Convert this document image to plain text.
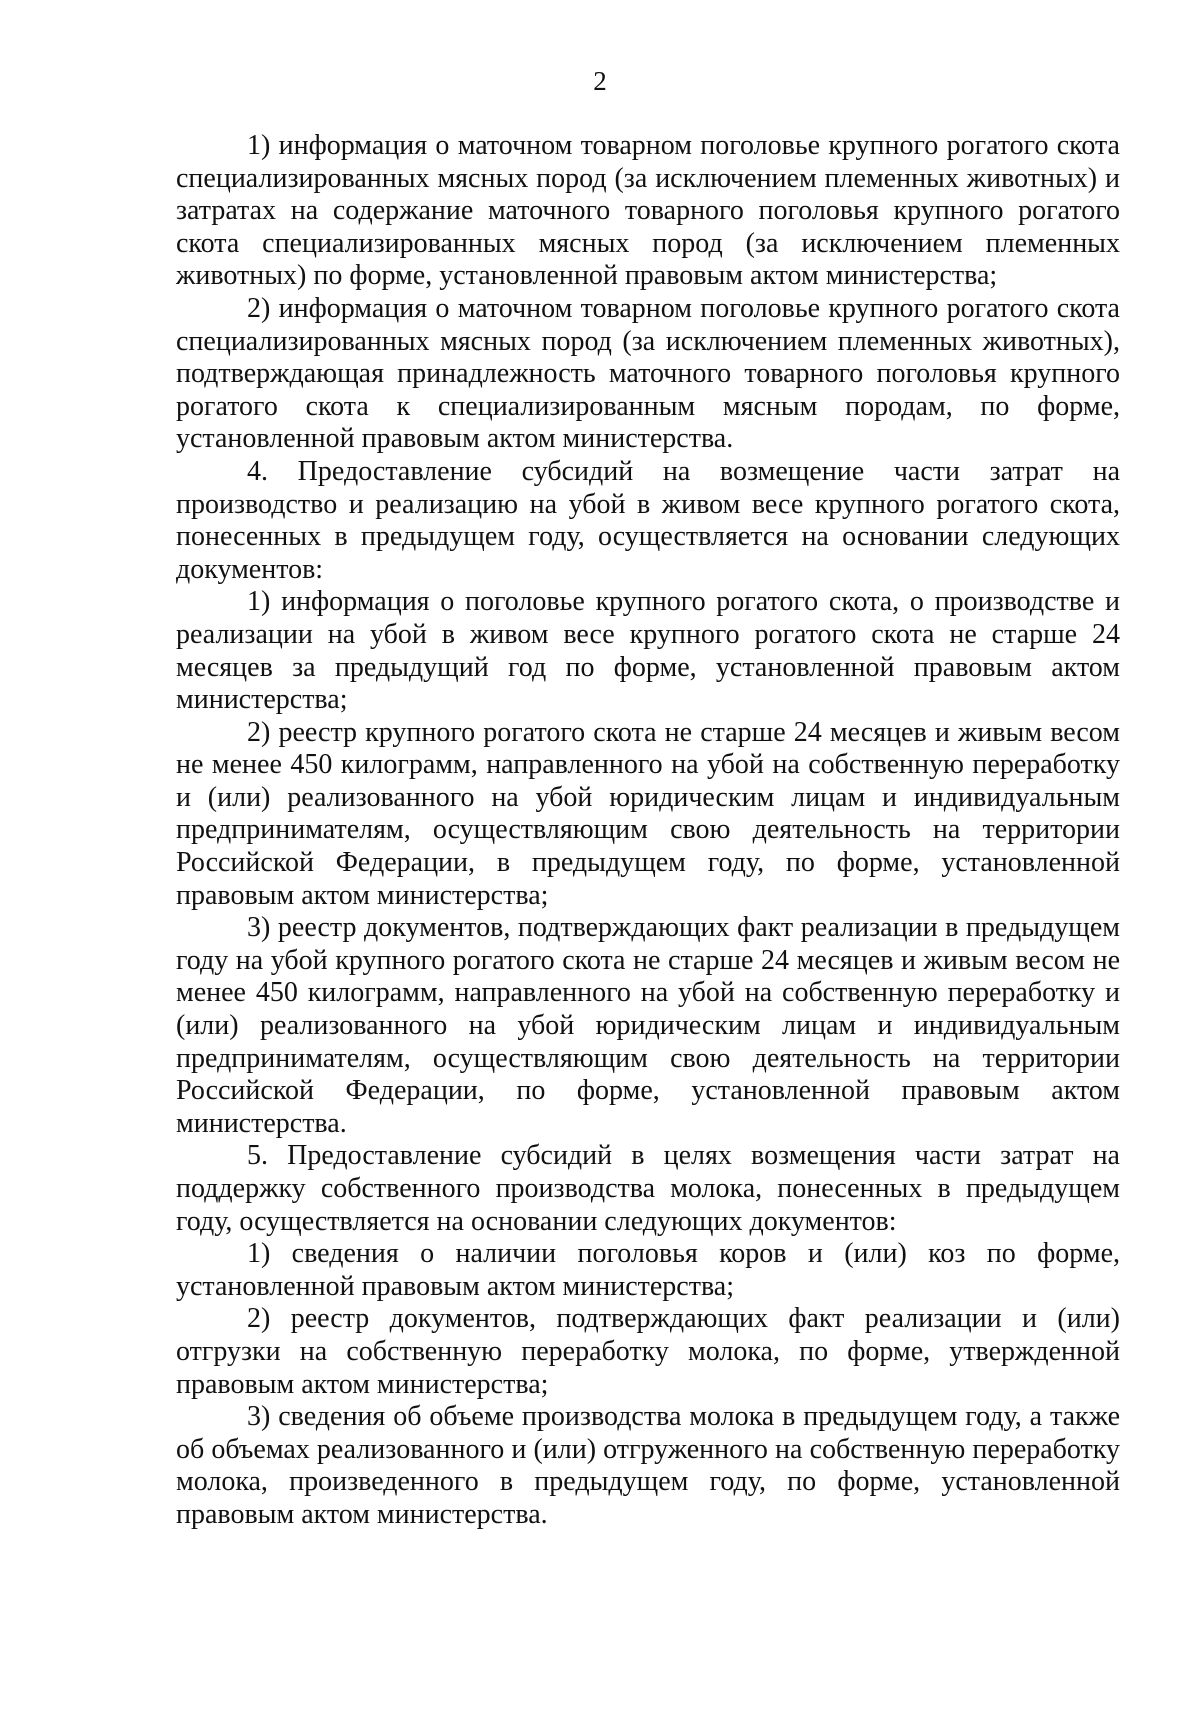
2

1) информация о маточном товарном поголовье крупного рогатого скота специализированных мясных пород (за исключением племенных животных) и затратах на содержание маточного товарного поголовья крупного рогатого скота специализированных мясных пород (за исключением племенных животных) по форме, установленной правовым актом министерства;

2) информация о маточном товарном поголовье крупного рогатого скота специализированных мясных пород (за исключением племенных животных), подтверждающая принадлежность маточного товарного поголовья крупного рогатого скота к специализированным мясным породам, по форме, установленной правовым актом министерства.

4. Предоставление субсидий на возмещение части затрат на производство и реализацию на убой в живом весе крупного рогатого скота, понесенных в предыдущем году, осуществляется на основании следующих документов:

1) информация о поголовье крупного рогатого скота, о производстве и реализации на убой в живом весе крупного рогатого скота не старше 24 месяцев за предыдущий год по форме, установленной правовым актом министерства;

2) реестр крупного рогатого скота не старше 24 месяцев и живым весом не менее 450 килограмм, направленного на убой на собственную переработку и (или) реализованного на убой юридическим лицам и индивидуальным предпринимателям, осуществляющим свою деятельность на территории Российской Федерации, в предыдущем году, по форме, установленной правовым актом министерства;

3) реестр документов, подтверждающих факт реализации в предыдущем году на убой крупного рогатого скота не старше 24 месяцев и живым весом не менее 450 килограмм, направленного на убой на собственную переработку и (или) реализованного на убой юридическим лицам и индивидуальным предпринимателям, осуществляющим свою деятельность на территории Российской Федерации, по форме, установленной правовым актом министерства.

5. Предоставление субсидий в целях возмещения части затрат на поддержку собственного производства молока, понесенных в предыдущем году, осуществляется на основании следующих документов:

1) сведения о наличии поголовья коров и (или) коз по форме, установленной правовым актом министерства;

2) реестр документов, подтверждающих факт реализации и (или) отгрузки на собственную переработку молока, по форме, утвержденной правовым актом министерства;

3) сведения об объеме производства молока в предыдущем году, а также об объемах реализованного и (или) отгруженного на собственную переработку молока, произведенного в предыдущем году, по форме, установленной правовым актом министерства.
